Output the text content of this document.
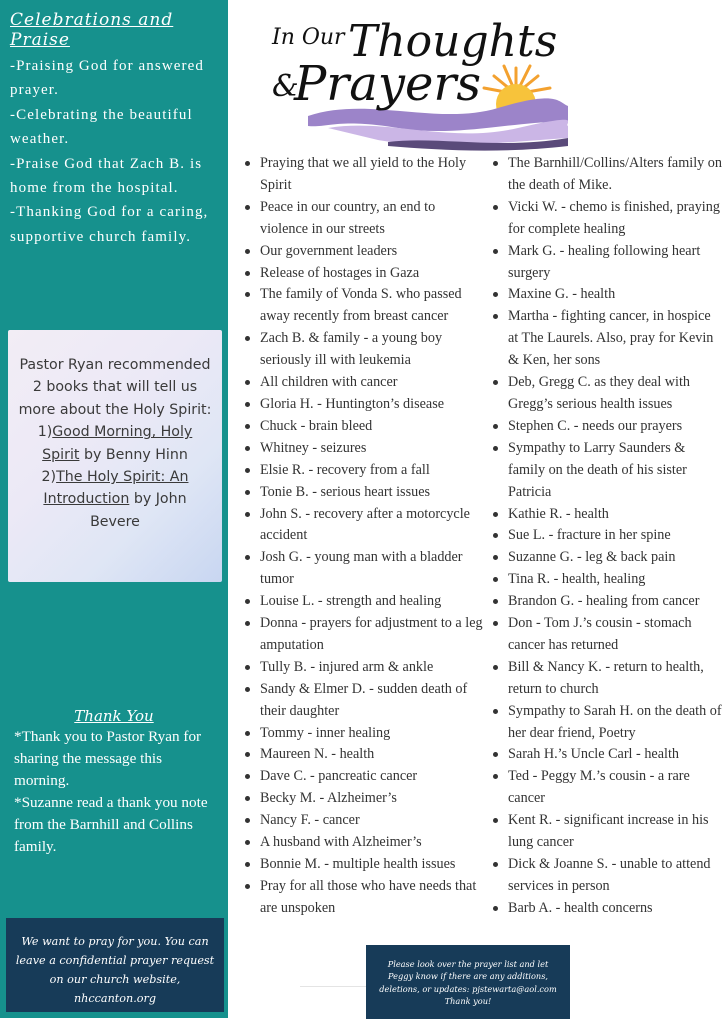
Celebrations and Praise

-Praising God for answered prayer.

-Celebrating the beautiful weather.

-Praise God that Zach B. is home from the hospital.

-Thanking God for a caring, supportive church family.

Pastor Ryan recommended 2 books that will tell us more about the Holy Spirit:
1)Good Morning, Holy Spirit by Benny Hinn
2)The Holy Spirit: An Introduction by John Bevere
Thank You

*Thank you to Pastor Ryan for sharing the message this morning.

*Suzanne read a thank you note from the Barnhill and Collins family.

We want to pray for you. You can leave a confidential prayer request on our church website, nhccanton.org
In Our Thoughts
&
Prayers
Praying that we all yield to the Holy Spirit
Peace in our country, an end to violence in our streets
Our government leaders
Release of hostages in Gaza
The family of Vonda S. who passed away recently from breast cancer
Zach B. & family - a young boy seriously ill with leukemia
All children with cancer
Gloria H. - Huntington’s disease
Chuck - brain bleed
Whitney - seizures
Elsie R. - recovery from a fall
Tonie B. - serious heart issues
John S. - recovery after a motorcycle accident
Josh G. - young man with a bladder tumor
Louise L. - strength and healing
Donna - prayers for adjustment to a leg amputation
Tully B. - injured arm & ankle
Sandy & Elmer D. - sudden death of their daughter
Tommy - inner healing
Maureen N. - health
Dave C. - pancreatic cancer
Becky M. - Alzheimer’s
Nancy F. - cancer
A husband with Alzheimer’s
Bonnie M. - multiple health issues
Pray for all those who have needs that are unspoken
The Barnhill/Collins/Alters family on the death of Mike.
Vicki W. - chemo is finished, praying for complete healing
Mark G. - healing following heart surgery
Maxine G. - health
Martha - fighting cancer, in hospice at The Laurels. Also, pray for Kevin & Ken, her sons
Deb, Gregg C. as they deal with Gregg’s serious health issues
Stephen C. - needs our prayers
Sympathy to Larry Saunders & family on the death of his sister Patricia
Kathie R. - health
Sue L. - fracture in her spine
Suzanne G. - leg & back pain
Tina R. - health, healing
Brandon G. - healing from cancer
Don - Tom J.’s cousin - stomach cancer has returned
Bill & Nancy K. - return to health, return to church
Sympathy to Sarah H. on the death of her dear friend, Poetry
Sarah H.’s Uncle Carl - health
Ted - Peggy M.’s cousin - a rare cancer
Kent R. - significant increase in his lung cancer
Dick & Joanne S. - unable to attend services in person
Barb A. - health concerns
Please look over the prayer list and let Peggy know if there are any additions, deletions, or updates: pjstewarta@aol.com Thank you!
